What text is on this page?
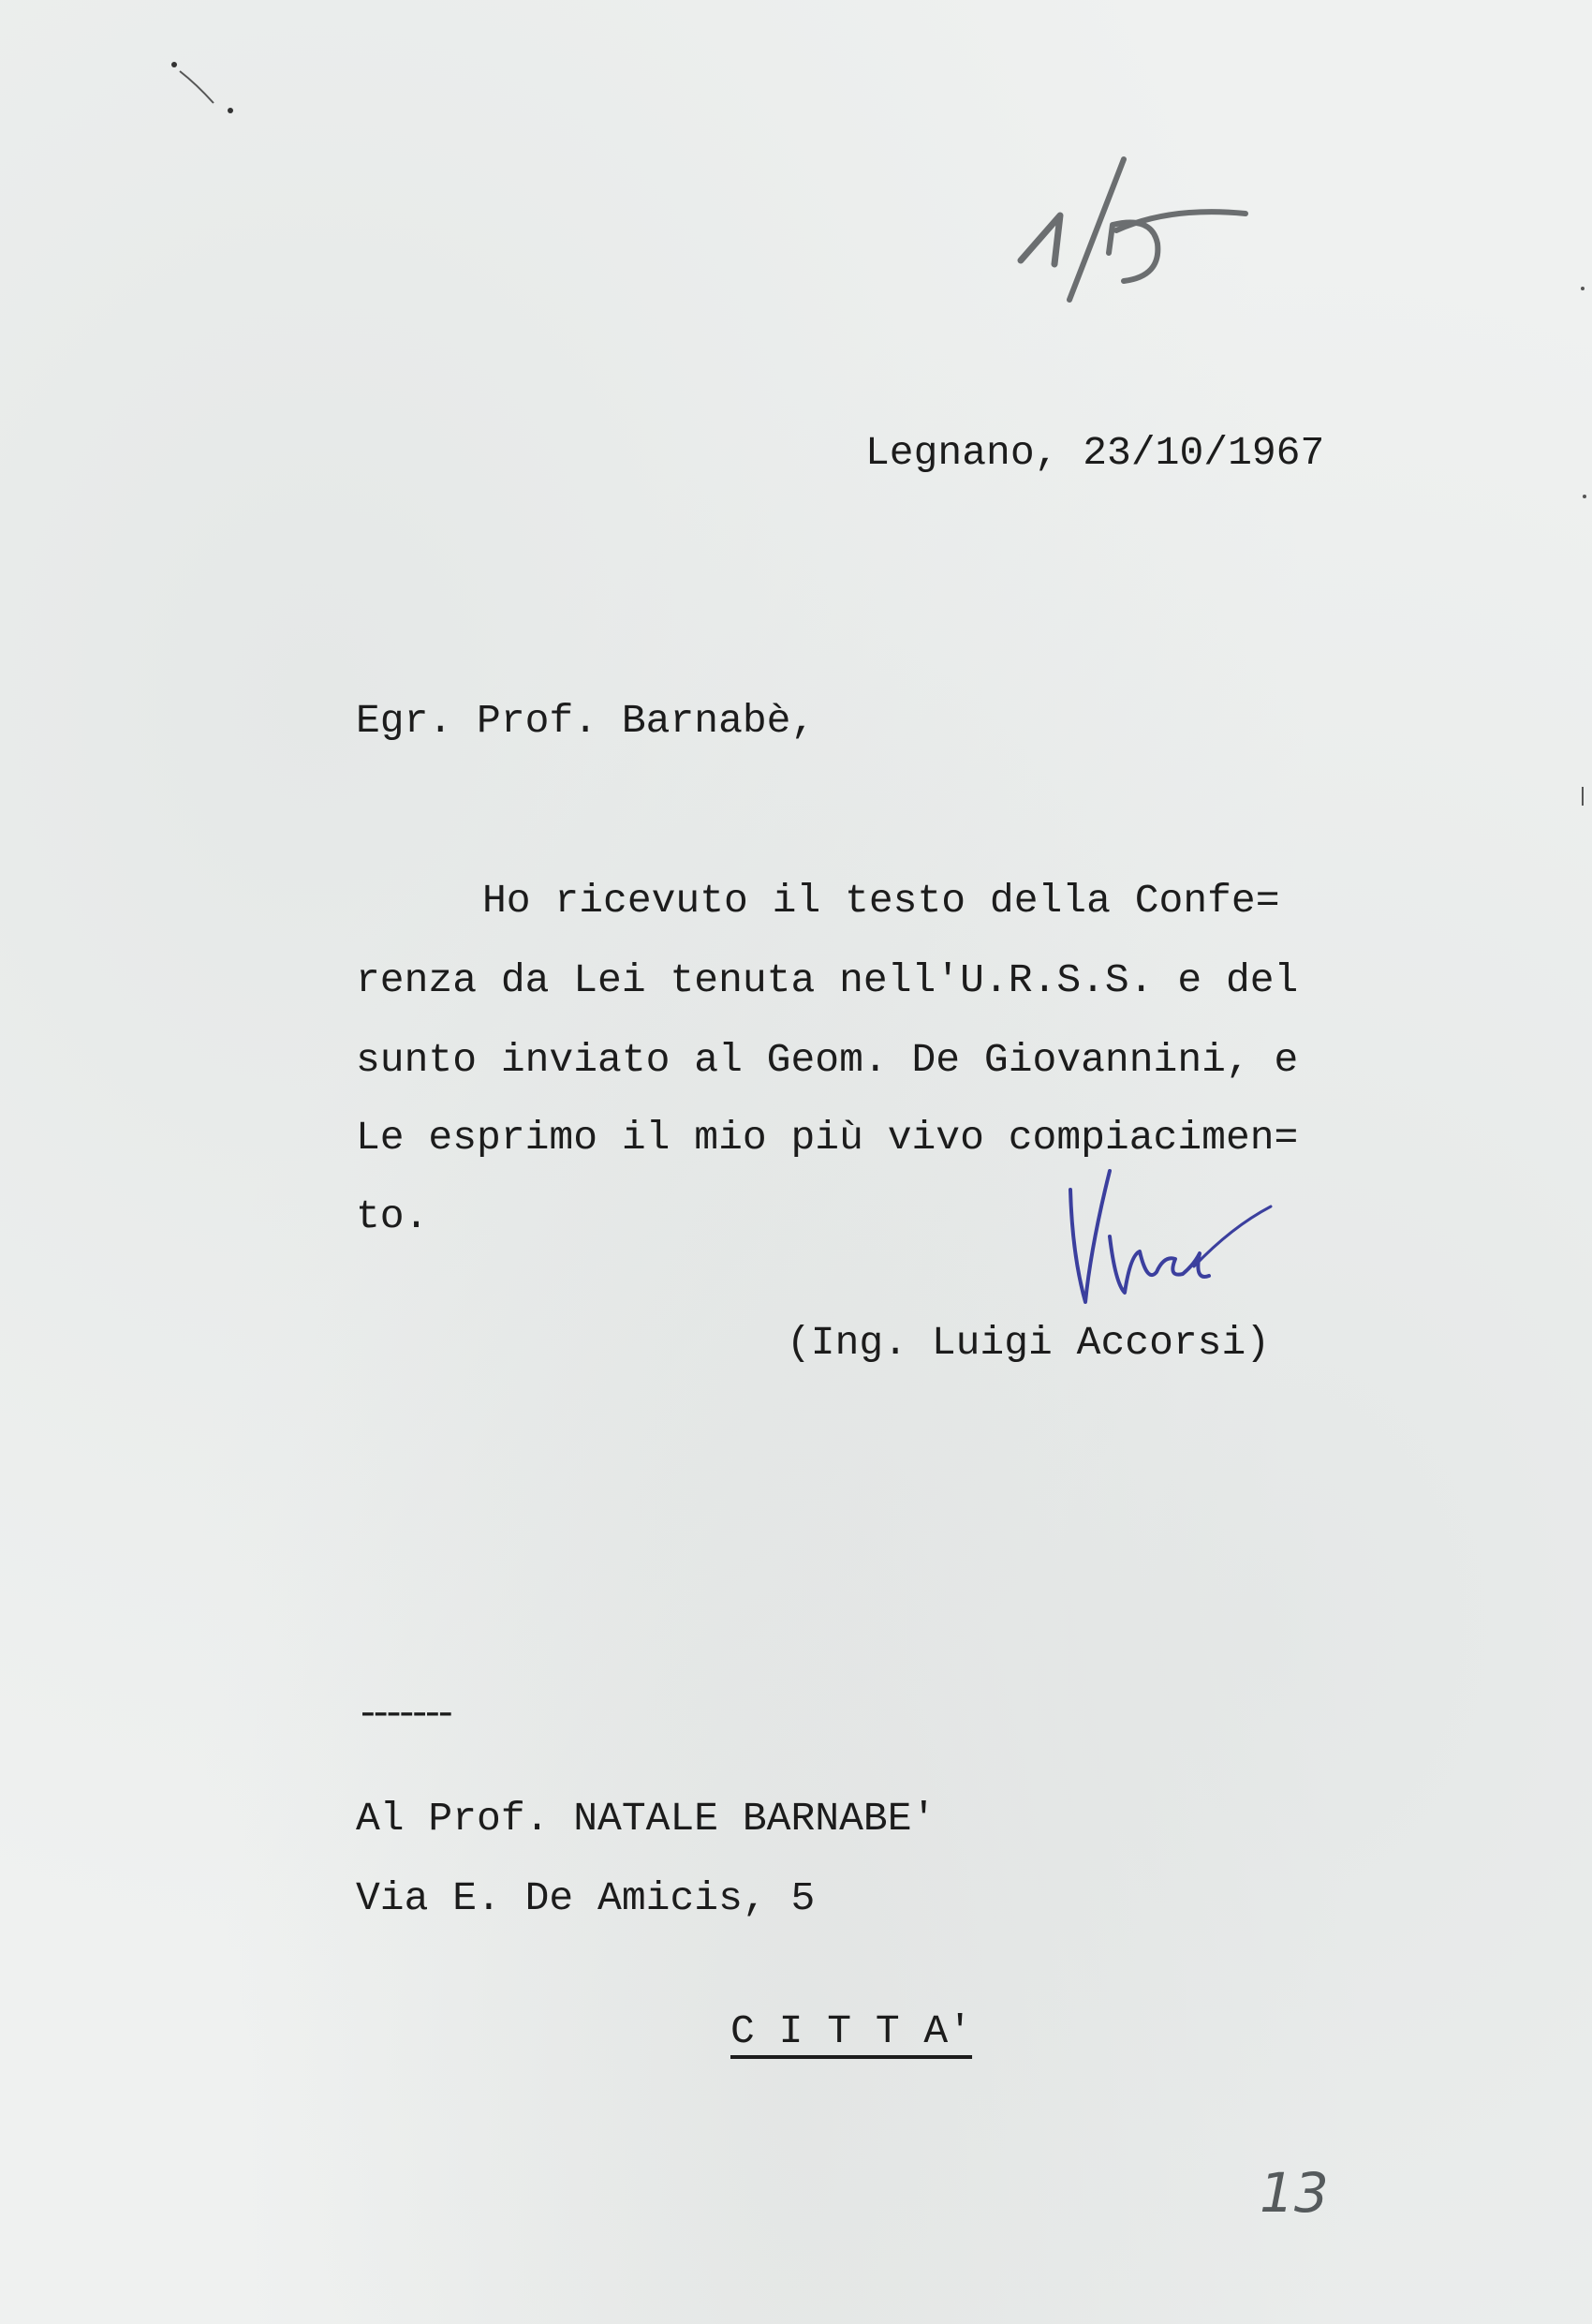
Legnano, 23/10/1967
Egr. Prof. Barnabè,
Ho ricevuto il testo della Confe=
renza da Lei tenuta nell'U.R.S.S. e del
sunto inviato al Geom. De Giovannini, e
Le esprimo il mio più vivo compiacimen=
to.
(Ing. Luigi Accorsi)
-------
Al Prof. NATALE BARNABE'
Via E. De Amicis, 5
C I T T A'
13
